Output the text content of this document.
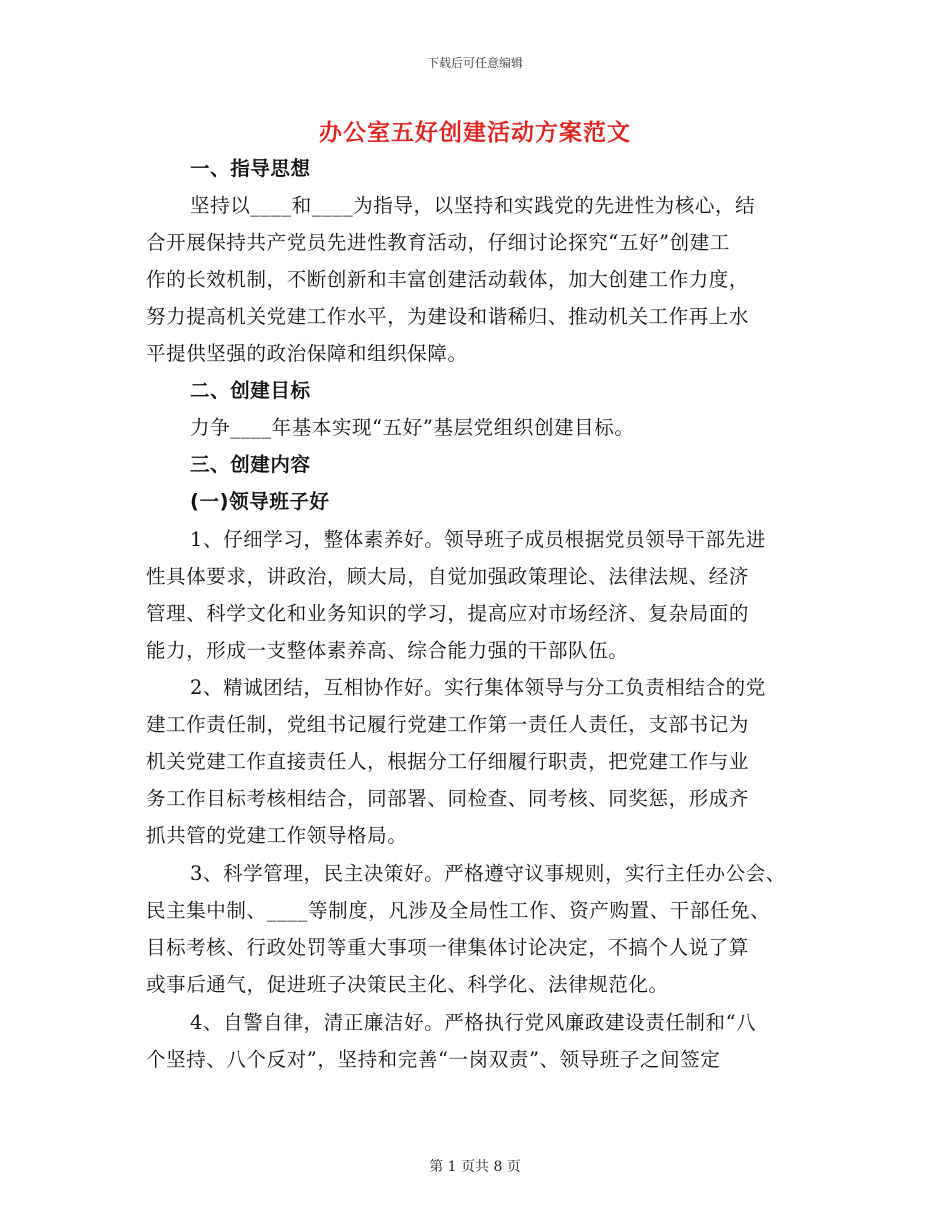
下载后可任意编辑
办公室五好创建活动方案范文
一、指导思想
坚持以____和____为指导，以坚持和实践党的先进性为核心，结
合开展保持共产党员先进性教育活动，仔细讨论探究“五好”创建工
作的长效机制，不断创新和丰富创建活动载体，加大创建工作力度，
努力提高机关党建工作水平，为建设和谐稀归、推动机关工作再上水
平提供坚强的政治保障和组织保障。
二、创建目标
力争____年基本实现“五好”基层党组织创建目标。
三、创建内容
(一)领导班子好
1、仔细学习，整体素养好。领导班子成员根据党员领导干部先进
性具体要求，讲政治，顾大局，自觉加强政策理论、法律法规、经济
管理、科学文化和业务知识的学习，提高应对市场经济、复杂局面的
能力，形成一支整体素养高、综合能力强的干部队伍。
2、精诚团结，互相协作好。实行集体领导与分工负责相结合的党
建工作责任制，党组书记履行党建工作第一责任人责任，支部书记为
机关党建工作直接责任人，根据分工仔细履行职责，把党建工作与业
务工作目标考核相结合，同部署、同检查、同考核、同奖惩，形成齐
抓共管的党建工作领导格局。
3、科学管理，民主决策好。严格遵守议事规则，实行主任办公会、
民主集中制、____等制度，凡涉及全局性工作、资产购置、干部任免、
目标考核、行政处罚等重大事项一律集体讨论决定，不搞个人说了算
或事后通气，促进班子决策民主化、科学化、法律规范化。
4、自警自律，清正廉洁好。严格执行党风廉政建设责任制和“八
个坚持、八个反对”，坚持和完善“一岗双责”、领导班子之间签定
第 1 页共 8 页
